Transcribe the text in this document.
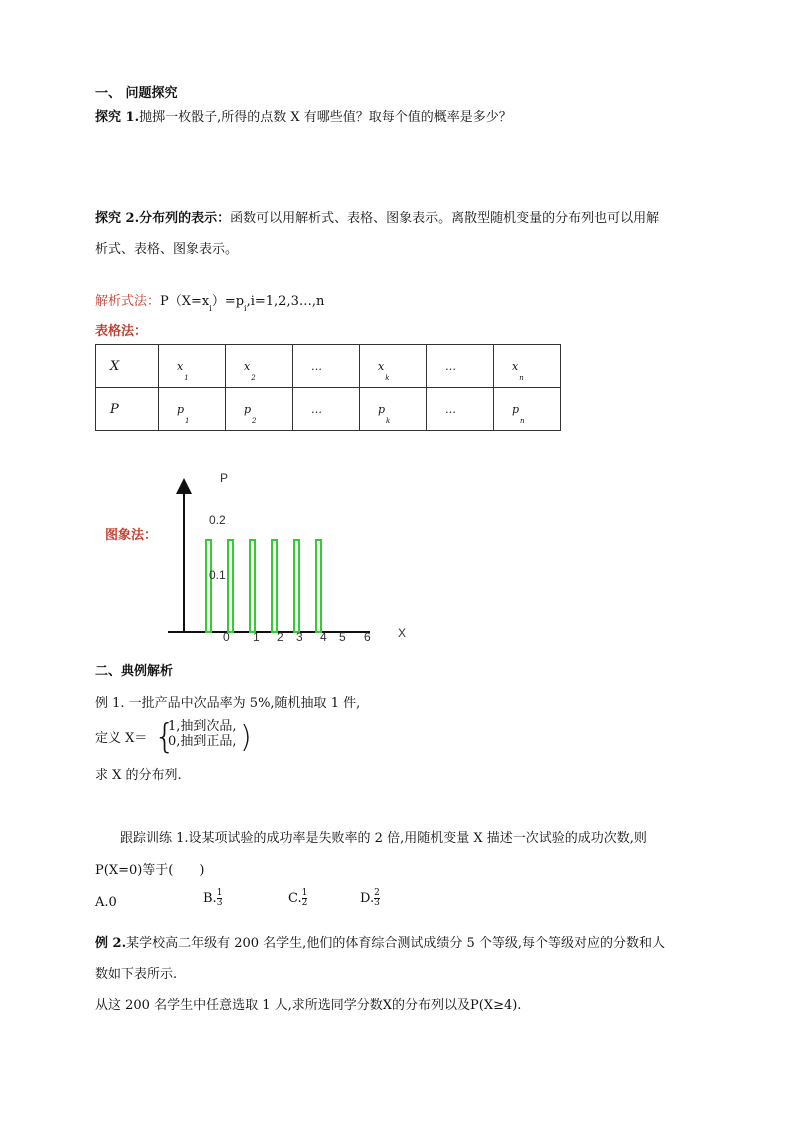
一、 问题探究
探究 1.抛掷一枚骰子,所得的点数 X 有哪些值？取每个值的概率是多少？
探究 2.分布列的表示：函数可以用解析式、表格、图象表示。离散型随机变量的分布列也可以用解
析式、表格、图象表示。
解析式法：$P(X=x_i)=p_i,i=1,2,3\dots,n$
表格法：
X	$x_1$	$x_2$	…	$x_k$	…	$x_n$
P	$p_1$	$p_2$	…	$p_k$	…	$p_n$
图象法：
P
X
0 1 2 3 4 5 6
0.2
0.1
二、典例解析
例 1. 一批产品中次品率为 5%,随机抽取 1 件,
定义 X＝ {
1,抽到次品,
0,抽到正品, )
求 X 的分布列.
跟踪训练 1.设某项试验的成功率是失败率的 2 倍,用随机变量 X 描述一次试验的成功次数,则
P(X=0)等于(　　)
A.0	B. $\frac{1}{3}$	C. $\frac{1}{2}$	D. $\frac{2}{3}$
例 2.某学校高二年级有 200 名学生,他们的体育综合测试成绩分 5 个等级,每个等级对应的分数和人
数如下表所示.
从这 200 名学生中任意选取 1 人,求所选同学分数X的分布列以及P(X≥4).
